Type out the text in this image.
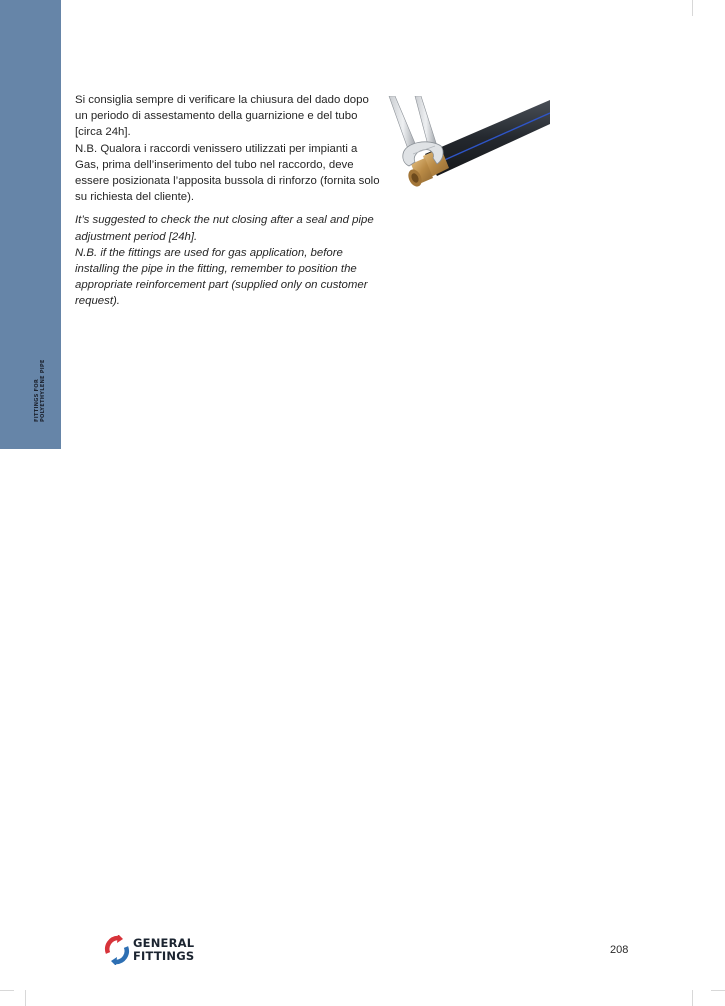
FITTINGS FOR POLYETHYLENE PIPE

Si consiglia sempre di verificare la chiusura del dado dopo un periodo di assestamento della guarnizione e del tubo [circa 24h].
N.B. Qualora i raccordi venissero utilizzati per impianti a Gas, prima dell’inserimento del tubo nel raccordo, deve essere posizionata l’apposita bussola di rinforzo (fornita solo su richiesta del cliente).

It’s suggested to check the nut closing after a seal and pipe adjustment period [24h].
N.B. if the fittings are used for gas application, before installing the pipe in the fitting, remember to position the appropriate reinforcement part (supplied only on customer request).

GENERAL
FITTINGS	208
